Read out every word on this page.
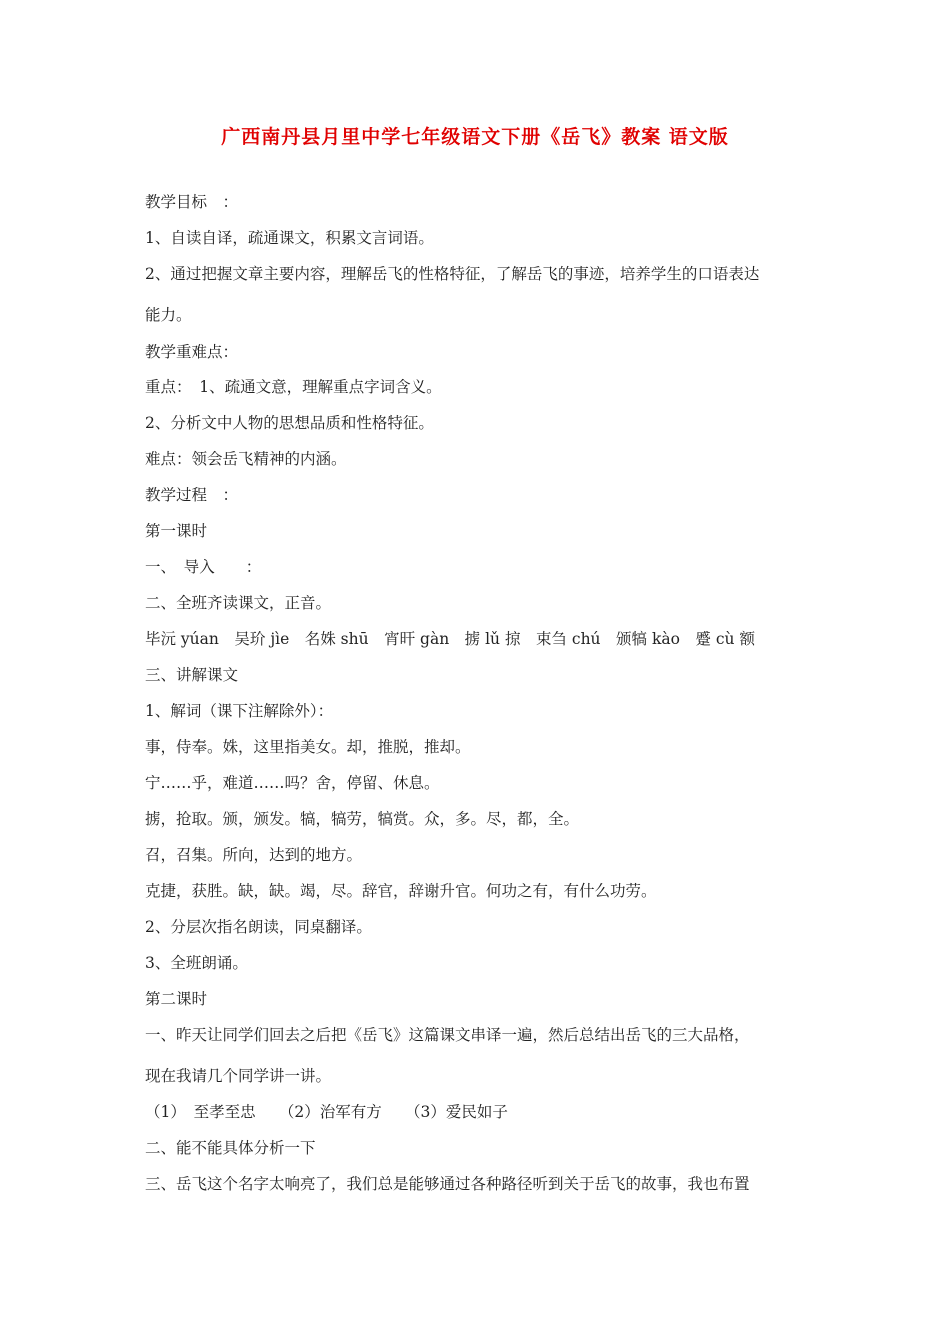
广西南丹县月里中学七年级语文下册《岳飞》教案 语文版
教学目标　：
1、自读自译，疏通课文，积累文言词语。
2、通过把握文章主要内容，理解岳飞的性格特征，了解岳飞的事迹，培养学生的口语表达
能力。
教学重难点：
重点：　1、疏通文意，理解重点字词含义。
2、分析文中人物的思想品质和性格特征。
难点：领会岳飞精神的内涵。
教学过程　：
第一课时
一、　导入　　：
二、全班齐读课文，正音。
毕沅 yúan　吴玠 jìe　名姝 shū　宵旰 gàn　掳 lǔ 掠　束刍 chú　颁犒 kào　蹙 cù 额
三、讲解课文
1、解词（课下注解除外）：
事，侍奉。姝，这里指美女。却，推脱，推却。
宁……乎，难道……吗？舍，停留、休息。
掳，抢取。颁，颁发。犒，犒劳，犒赏。众，多。尽，都，全。
召，召集。所向，达到的地方。
克捷，获胜。缺，缺。竭，尽。辞官，辞谢升官。何功之有，有什么功劳。
2、分层次指名朗读，同桌翻译。
3、全班朗诵。
第二课时
一、昨天让同学们回去之后把《岳飞》这篇课文串译一遍，然后总结出岳飞的三大品格，
现在我请几个同学讲一讲。
（1）　至孝至忠　　（2）治军有方　　（3）爱民如子
二、能不能具体分析一下
三、岳飞这个名字太响亮了，我们总是能够通过各种路径听到关于岳飞的故事，我也布置
